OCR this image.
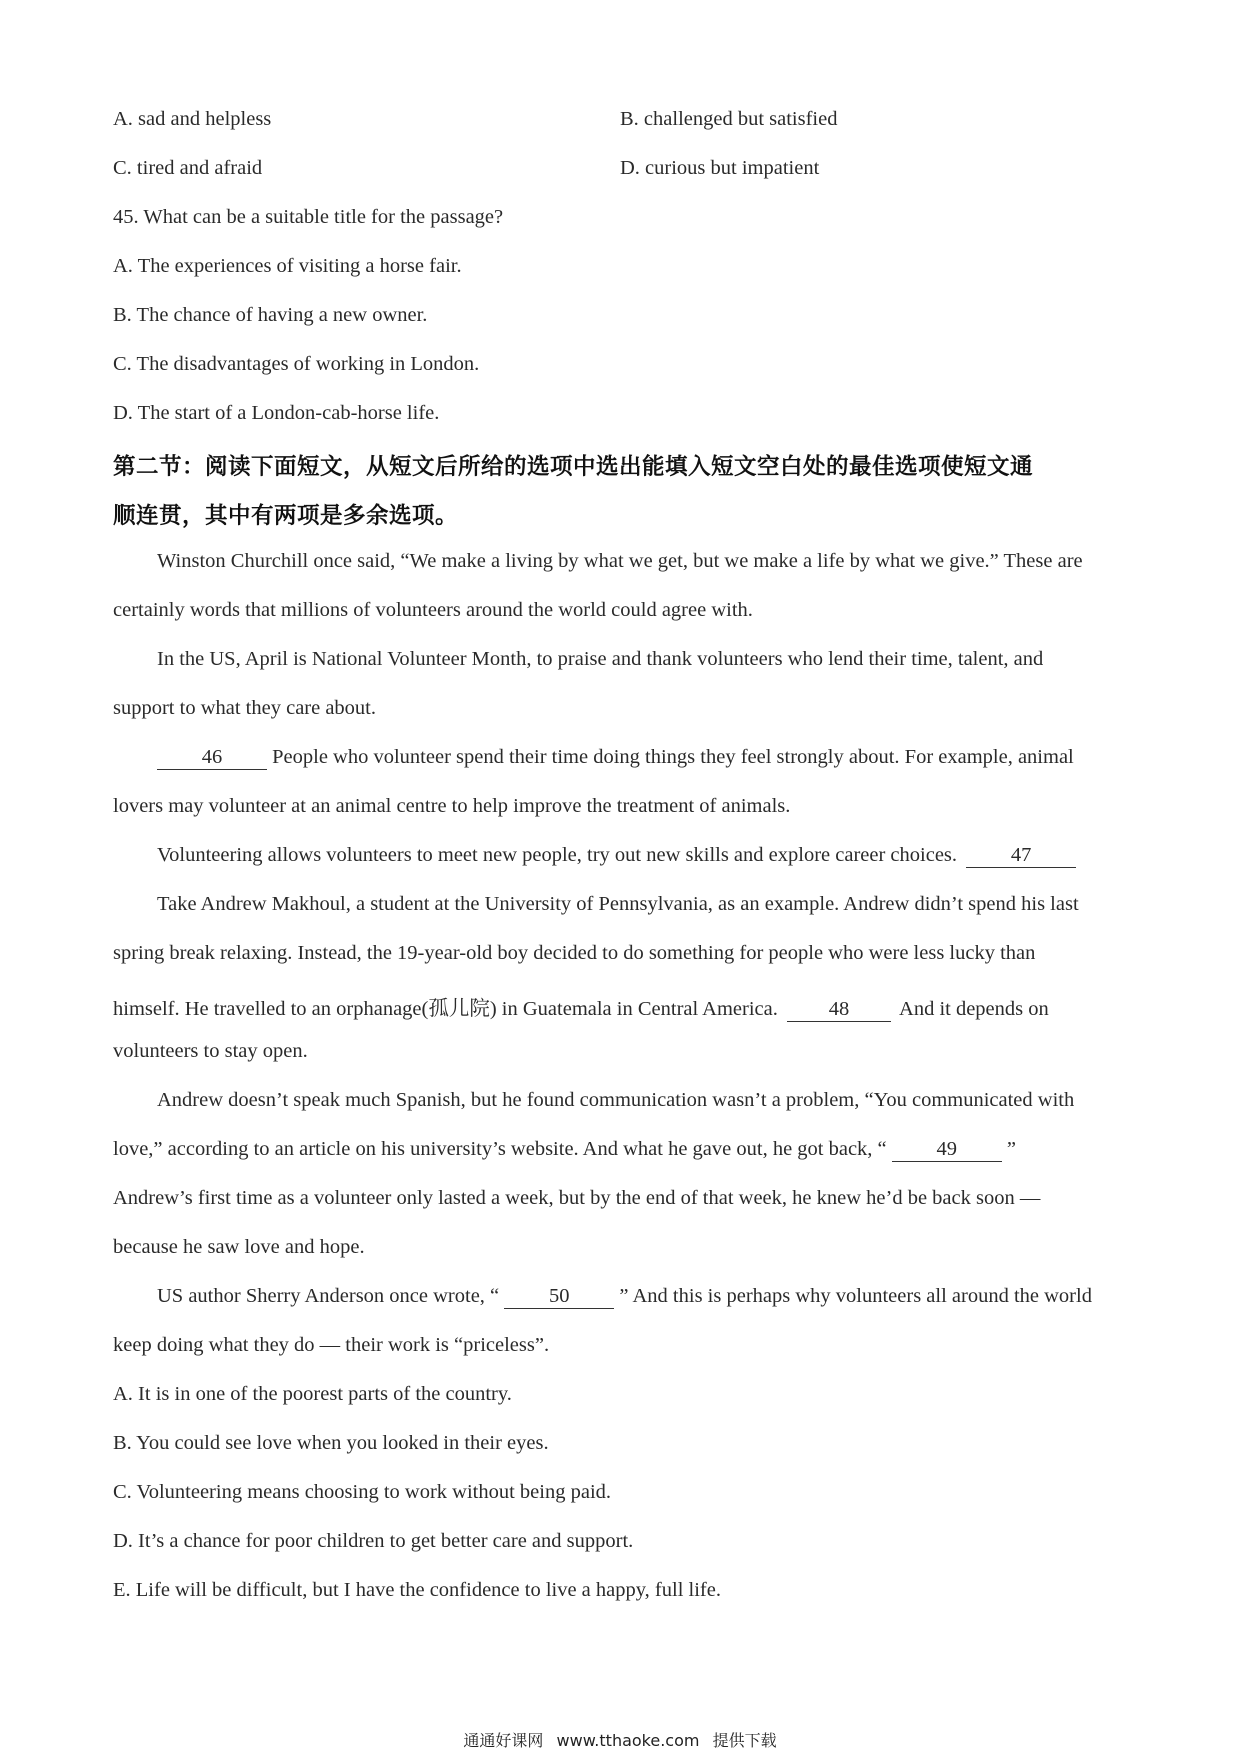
A. sad and helpless	B. challenged but satisfied
C. tired and afraid	D. curious but impatient
45. What can be a suitable title for the passage?
A. The experiences of visiting a horse fair.
B. The chance of having a new owner.
C. The disadvantages of working in London.
D. The start of a London-cab-horse life.
第二节：阅读下面短文，从短文后所给的选项中选出能填入短文空白处的最佳选项使短文通
顺连贯，其中有两项是多余选项。
Winston Churchill once said, “We make a living by what we get, but we make a life by what we give.” These are
certainly words that millions of volunteers around the world could agree with.
In the US, April is National Volunteer Month, to praise and thank volunteers who lend their time, talent, and
support to what they care about.
46 People who volunteer spend their time doing things they feel strongly about. For example, animal
lovers may volunteer at an animal centre to help improve the treatment of animals.
Volunteering allows volunteers to meet new people, try out new skills and explore career choices.	47
Take Andrew Makhoul, a student at the University of Pennsylvania, as an example. Andrew didn’t spend his last
spring break relaxing. Instead, the 19-year-old boy decided to do something for people who were less lucky than
himself. He travelled to an orphanage(孤儿院) in Guatemala in Central America. 48 And it depends on
volunteers to stay open.
Andrew doesn’t speak much Spanish, but he found communication wasn’t a problem, “You communicated with
love,” according to an article on his university’s website. And what he gave out, he got back, “ 49 ”
Andrew’s first time as a volunteer only lasted a week, but by the end of that week, he knew he’d be back soon —
because he saw love and hope.
US author Sherry Anderson once wrote, “ 50 ” And this is perhaps why volunteers all around the world
keep doing what they do — their work is “priceless”.
A. It is in one of the poorest parts of the country.
B. You could see love when you looked in their eyes.
C. Volunteering means choosing to work without being paid.
D. It’s a chance for poor children to get better care and support.
E. Life will be difficult, but I have the confidence to live a happy, full life.
通通好课网 www.tthaoke.com 提供下载
